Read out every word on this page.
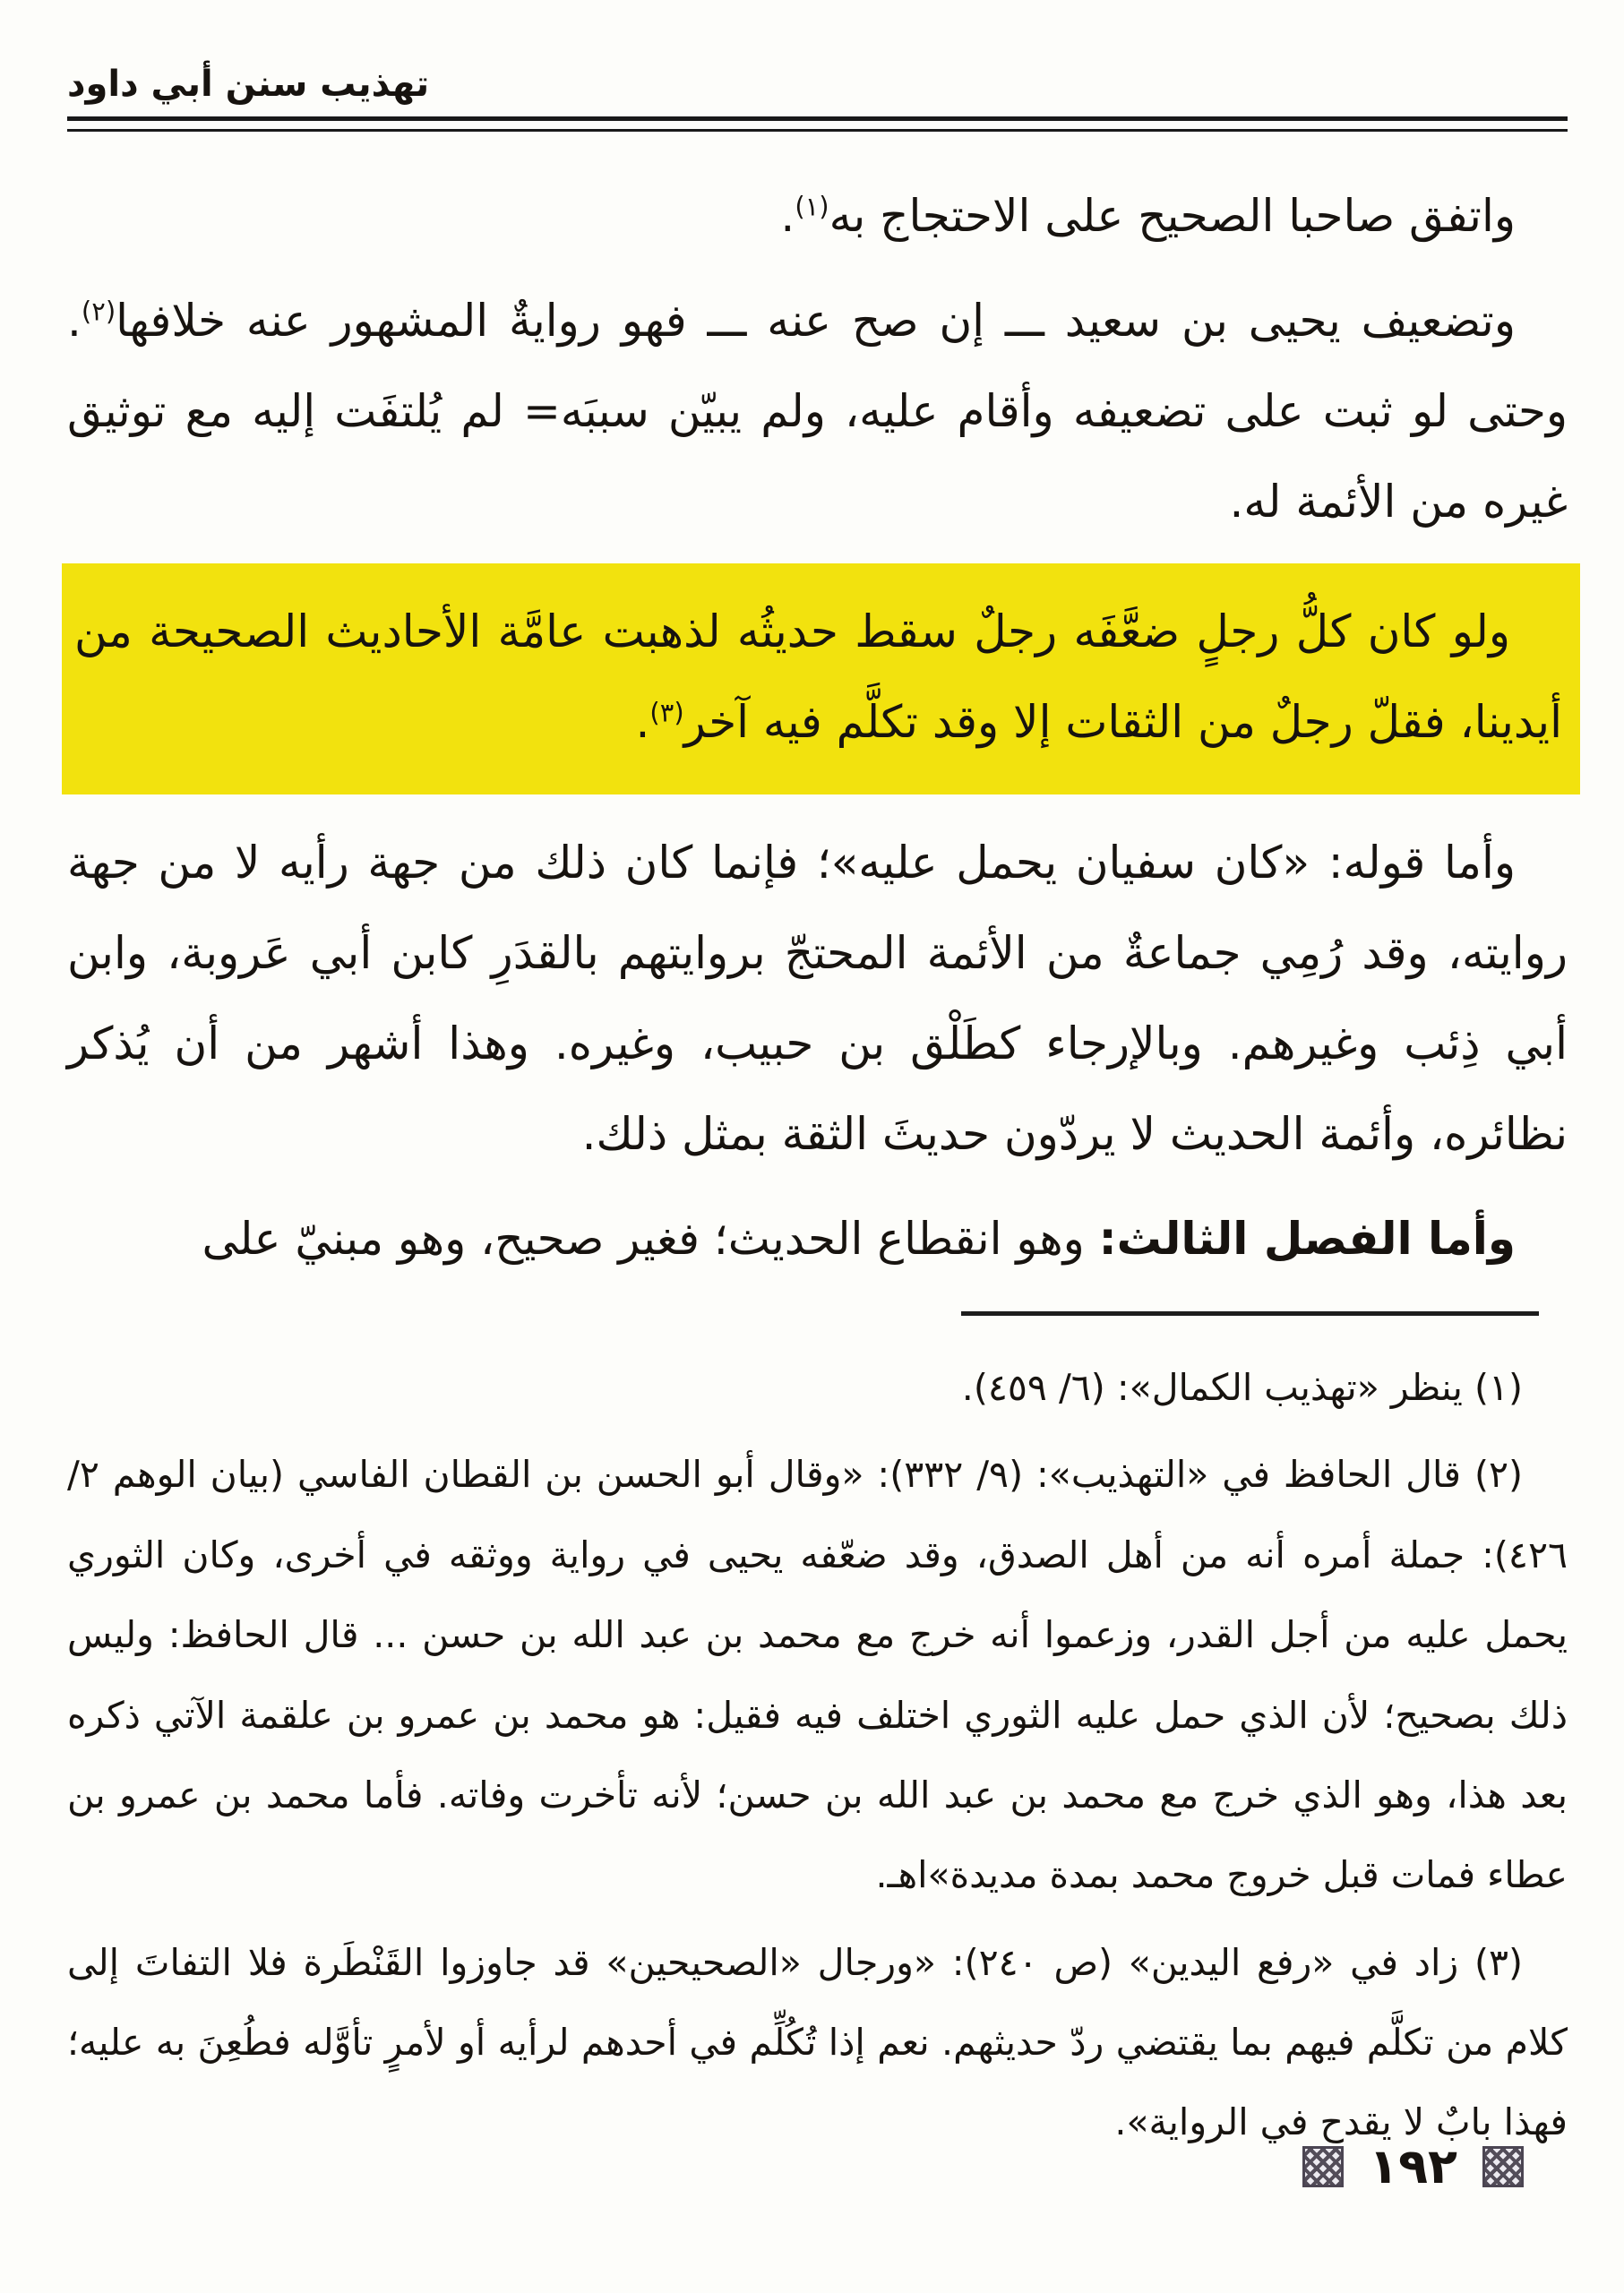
تهذيب سنن أبي داود

واتفق صاحبا الصحيح على الاحتجاج به$^{(١)}$.

وتضعيف يحيى بن سعيد ـــ إن صح عنه ـــ فهو روايةٌ المشهور عنه خلافها$^{(٢)}$. وحتى لو ثبت على تضعيفه وأقام عليه، ولم يبيّن سببَه= لم يُلتفَت إليه مع توثيق غيره من الأئمة له.

ولو كان كلُّ رجلٍ ضعَّفَه رجلٌ سقط حديثُه لذهبت عامَّة الأحاديث الصحيحة من أيدينا، فقلّ رجلٌ من الثقات إلا وقد تكلَّم فيه آخر$^{(٣)}$.

وأما قوله: «كان سفيان يحمل عليه»؛ فإنما كان ذلك من جهة رأيه لا من جهة روايته، وقد رُمِي جماعةٌ من الأئمة المحتجّ بروايتهم بالقدَرِ كابن أبي عَروبة، وابن أبي ذِئب وغيرهم. وبالإرجاء كطَلْق بن حبيب، وغيره. وهذا أشهر من أن يُذكر نظائره، وأئمة الحديث لا يردّون حديثَ الثقة بمثل ذلك.

وأما الفصل الثالث: وهو انقطاع الحديث؛ فغير صحيح، وهو مبنيّ على

(١) ينظر «تهذيب الكمال»: (٦/ ٤٥٩).

(٢) قال الحافظ في «التهذيب»: (٩/ ٣٣٢): «وقال أبو الحسن بن القطان الفاسي (بيان الوهم ٢/ ٤٢٦): جملة أمره أنه من أهل الصدق، وقد ضعّفه يحيى في رواية ووثقه في أخرى، وكان الثوري يحمل عليه من أجل القدر، وزعموا أنه خرج مع محمد بن عبد الله بن حسن ... قال الحافظ: وليس ذلك بصحيح؛ لأن الذي حمل عليه الثوري اختلف فيه فقيل: هو محمد بن عمرو بن علقمة الآتي ذكره بعد هذا، وهو الذي خرج مع محمد بن عبد الله بن حسن؛ لأنه تأخرت وفاته. فأما محمد بن عمرو بن عطاء فمات قبل خروج محمد بمدة مديدة»اهـ.

(٣) زاد في «رفع اليدين» (ص ٢٤٠): «ورجال «الصحيحين» قد جاوزوا القَنْطَرة فلا التفاتَ إلى كلام من تكلَّم فيهم بما يقتضي ردّ حديثهم. نعم إذا تُكُلِّم في أحدهم لرأيه أو لأمرٍ تأوَّله فطُعِنَ به عليه؛ فهذا بابٌ لا يقدح في الرواية».

١٩٢
